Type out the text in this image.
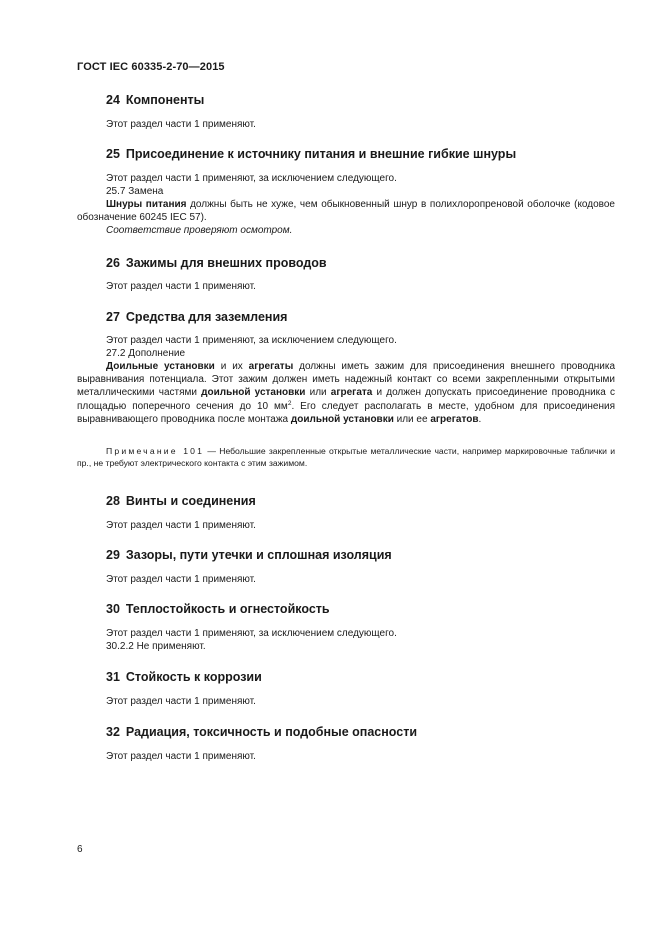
ГОСТ IEC 60335-2-70—2015
24 Компоненты
Этот раздел части 1 применяют.
25 Присоединение к источнику питания и внешние гибкие шнуры
Этот раздел части 1 применяют, за исключением следующего.
25.7 Замена
Шнуры питания должны быть не хуже, чем обыкновенный шнур в полихлоропреновой оболочке (кодовое обозначение 60245 IEC 57).
Соответствие проверяют осмотром.
26 Зажимы для внешних проводов
Этот раздел части 1 применяют.
27 Средства для заземления
Этот раздел части 1 применяют, за исключением следующего.
27.2 Дополнение
Доильные установки и их агрегаты должны иметь зажим для присоединения внешнего проводника выравнивания потенциала. Этот зажим должен иметь надежный контакт со всеми закрепленными открытыми металлическими частями доильной установки или агрегата и должен допускать присоединение проводника с площадью поперечного сечения до 10 $мм^2$. Его следует располагать в месте, удобном для присоединения выравнивающего проводника после монтажа доильной установки или ее агрегатов.
Примечание 101 — Небольшие закрепленные открытые металлические части, например маркировочные таблички и пр., не требуют электрического контакта с этим зажимом.
28 Винты и соединения
Этот раздел части 1 применяют.
29 Зазоры, пути утечки и сплошная изоляция
Этот раздел части 1 применяют.
30 Теплостойкость и огнестойкость
Этот раздел части 1 применяют, за исключением следующего.
30.2.2 Не применяют.
31 Стойкость к коррозии
Этот раздел части 1 применяют.
32 Радиация, токсичность и подобные опасности
Этот раздел части 1 применяют.
6
